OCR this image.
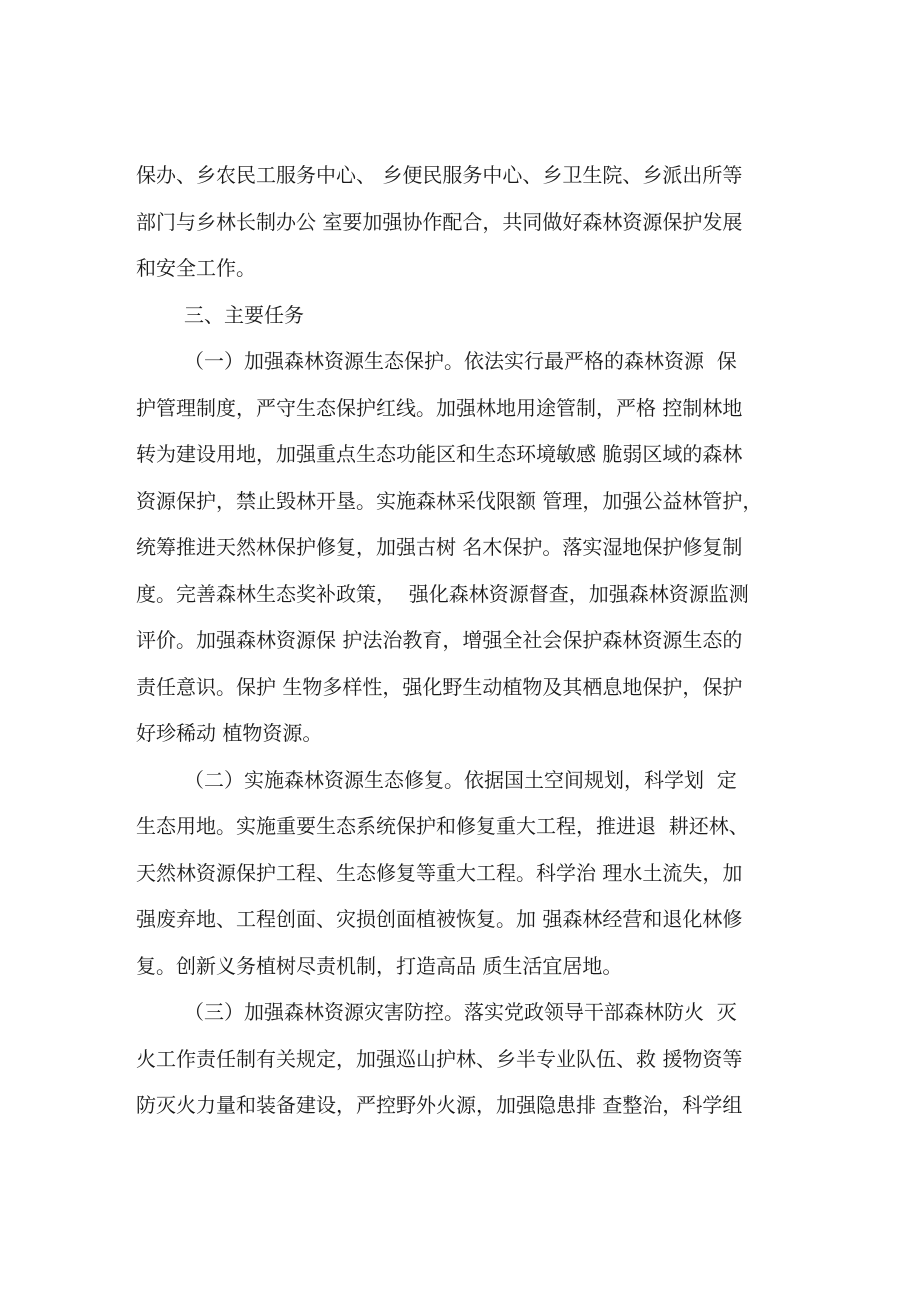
保办、乡农民工服务中心、 乡便民服务中心、乡卫生院、乡派出所等
部门与乡林长制办公 室要加强协作配合，共同做好森林资源保护发展
和安全工作。
三、主要任务
（一）加强森林资源生态保护。依法实行最严格的森林资源  保
护管理制度，严守生态保护红线。加强林地用途管制，严格 控制林地
转为建设用地，加强重点生态功能区和生态环境敏感 脆弱区域的森林
资源保护，禁止毁林开垦。实施森林采伐限额 管理，加强公益林管护，
统筹推进天然林保护修复，加强古树 名木保护。落实湿地保护修复制
度。完善森林生态奖补政策，  强化森林资源督查，加强森林资源监测
评价。加强森林资源保 护法治教育，增强全社会保护森林资源生态的
责任意识。保护 生物多样性，强化野生动植物及其栖息地保护，保护
好珍稀动 植物资源。
（二）实施森林资源生态修复。依据国土空间规划，科学划  定
生态用地。实施重要生态系统保护和修复重大工程，推进退  耕还林、
天然林资源保护工程、生态修复等重大工程。科学治 理水土流失，加
强废弃地、工程创面、灾损创面植被恢复。加 强森林经营和退化林修
复。创新义务植树尽责机制，打造高品 质生活宜居地。
（三）加强森林资源灾害防控。落实党政领导干部森林防火  灭
火工作责任制有关规定，加强巡山护林、乡半专业队伍、救 援物资等
防灭火力量和装备建设，严控野外火源，加强隐患排 查整治，科学组
